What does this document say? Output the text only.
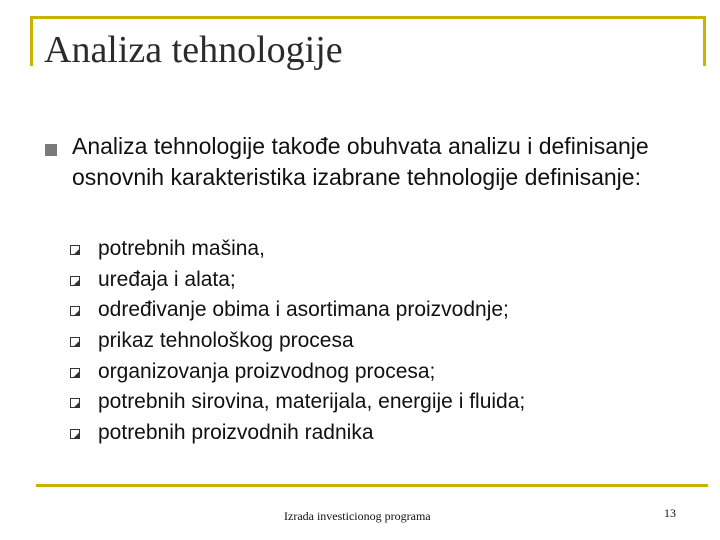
Analiza tehnologije
Analiza tehnologije takođe obuhvata analizu i definisanje osnovnih karakteristika izabrane tehnologije definisanje:
potrebnih mašina,
uređaja i alata;
određivanje obima i asortimana proizvodnje;
prikaz tehnološkog procesa
organizovanja proizvodnog procesa;
potrebnih sirovina, materijala, energije i fluida;
potrebnih proizvodnih radnika
Izrada investicionog programa	13
